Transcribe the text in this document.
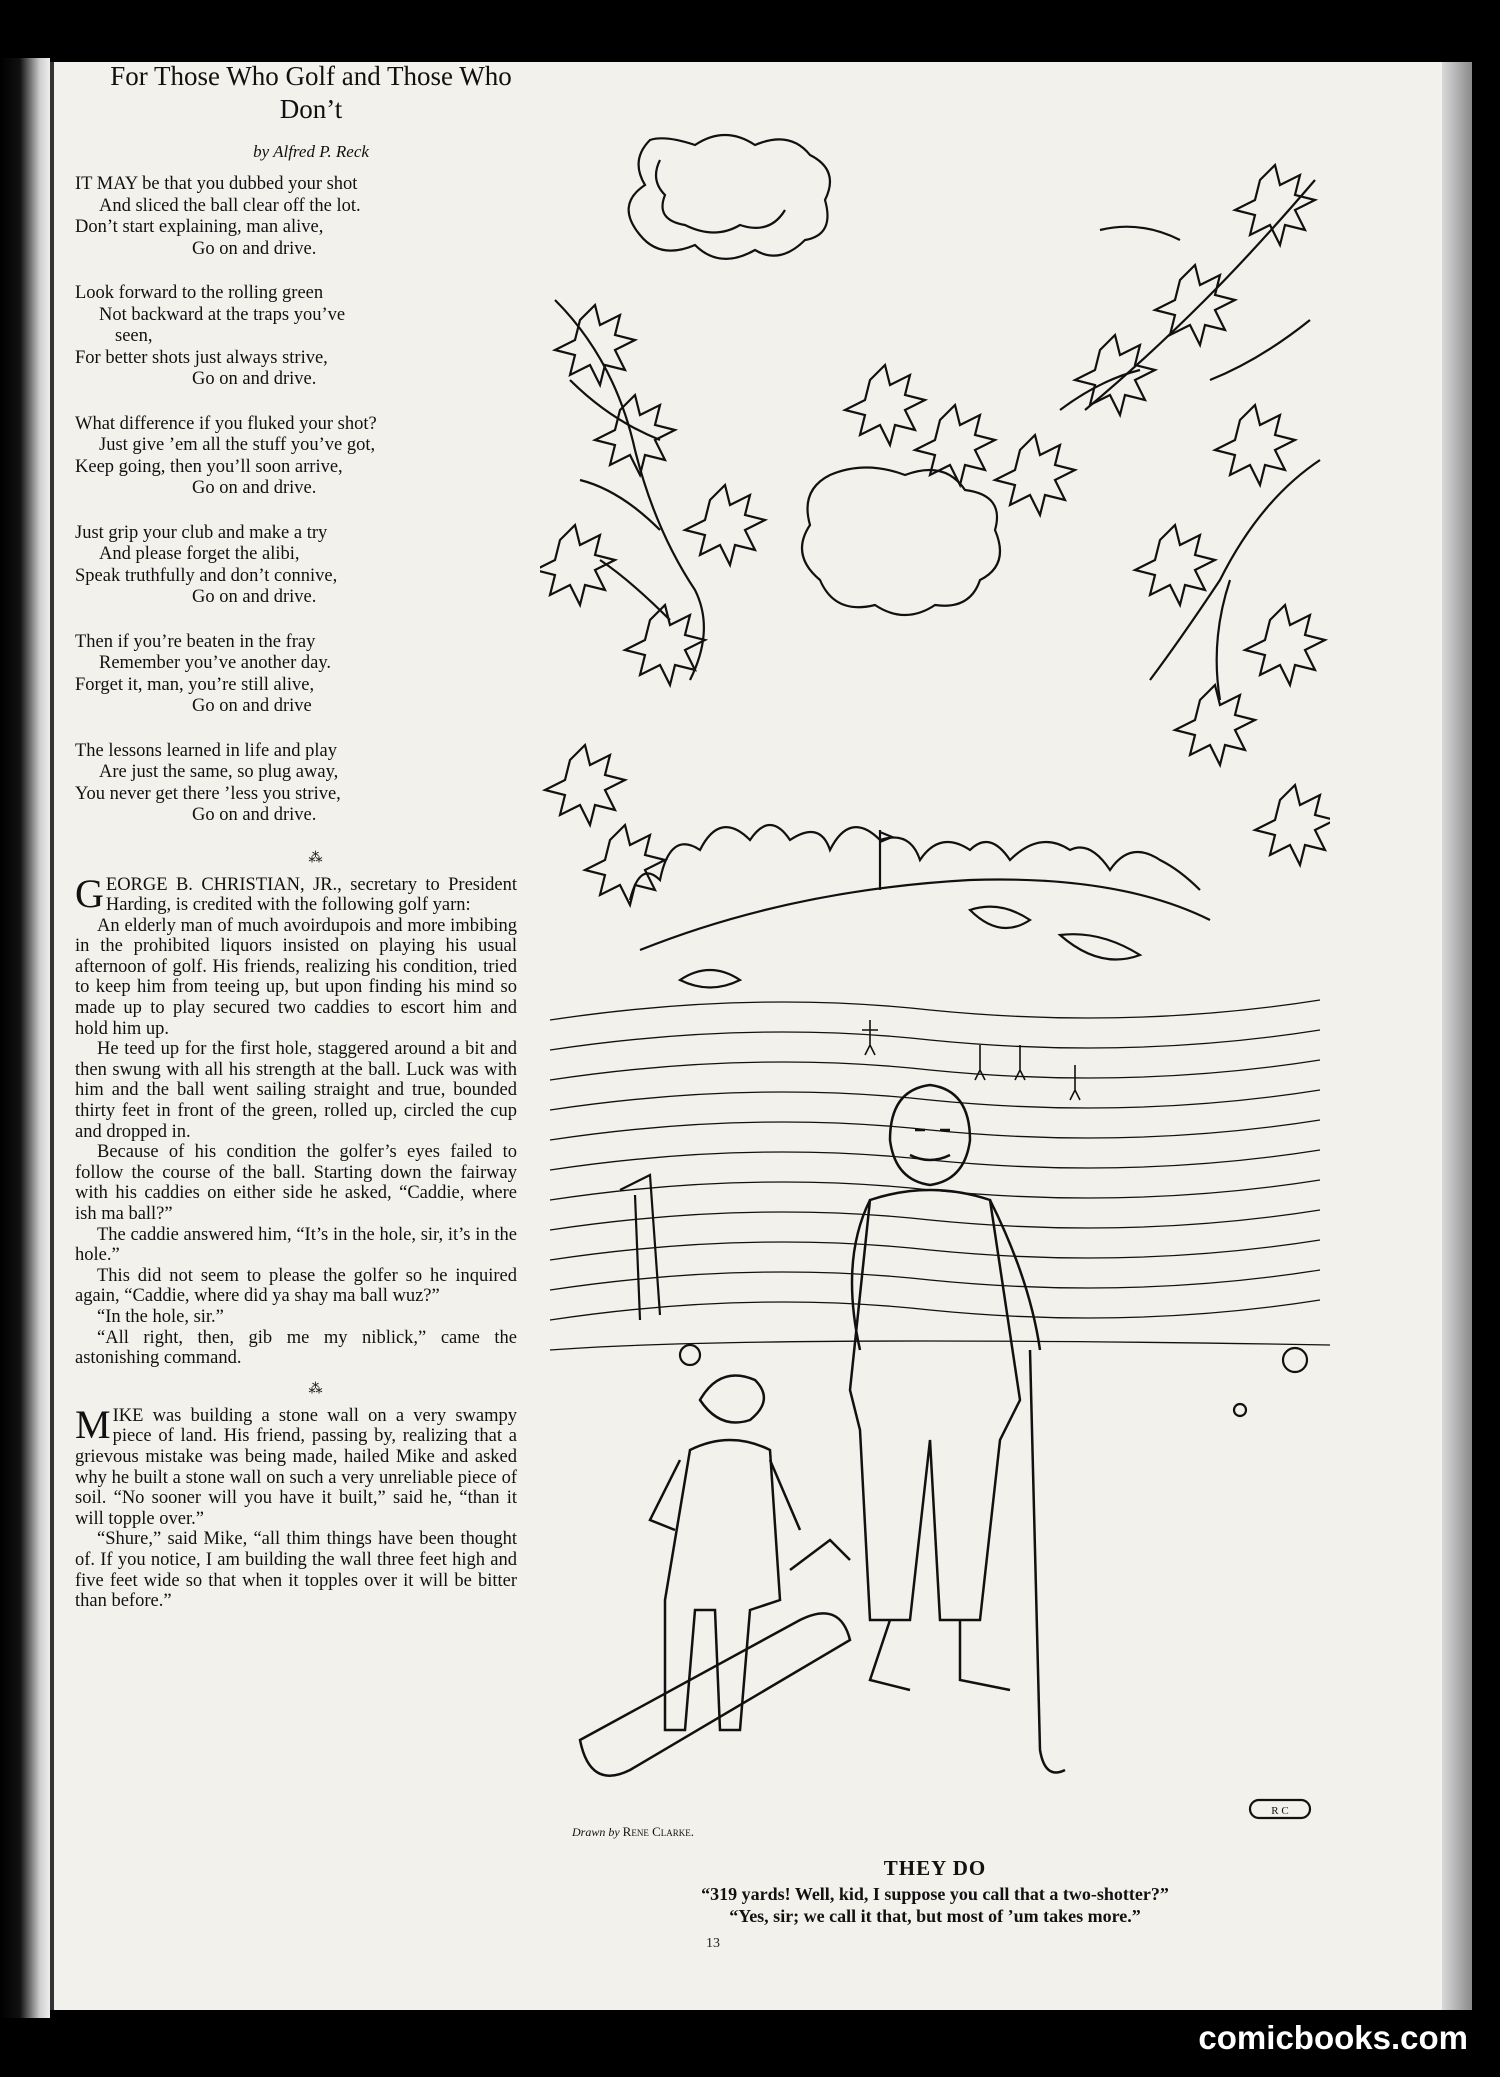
For Those Who Golf and Those Who Don’t
by Alfred P. Reck
IT MAY be that you dubbed your shot
And sliced the ball clear off the lot.
Don’t start explaining, man alive,
Go on and drive.
Look forward to the rolling green
Not backward at the traps you’ve
seen,
For better shots just always strive,
Go on and drive.
What difference if you fluked your shot?
Just give ’em all the stuff you’ve got,
Keep going, then you’ll soon arrive,
Go on and drive.
Just grip your club and make a try
And please forget the alibi,
Speak truthfully and don’t connive,
Go on and drive.
Then if you’re beaten in the fray
Remember you’ve another day.
Forget it, man, you’re still alive,
Go on and drive
The lessons learned in life and play
Are just the same, so plug away,
You never get there ’less you strive,
Go on and drive.
⁂

GEORGE B. CHRISTIAN, JR., secretary to President Harding, is credited with the following golf yarn:

An elderly man of much avoirdupois and more imbibing in the prohibited liquors insisted on playing his usual afternoon of golf. His friends, realizing his condition, tried to keep him from teeing up, but upon finding his mind so made up to play secured two caddies to escort him and hold him up.

He teed up for the first hole, staggered around a bit and then swung with all his strength at the ball. Luck was with him and the ball went sailing straight and true, bounded thirty feet in front of the green, rolled up, circled the cup and dropped in.

Because of his condition the golfer’s eyes failed to follow the course of the ball. Starting down the fairway with his caddies on either side he asked, “Caddie, where ish ma ball?”

The caddie answered him, “It’s in the hole, sir, it’s in the hole.”

This did not seem to please the golfer so he inquired again, “Caddie, where did ya shay ma ball wuz?”

“In the hole, sir.”

“All right, then, gib me my niblick,” came the astonishing command.

⁂

MIKE was building a stone wall on a very swampy piece of land. His friend, passing by, realizing that a grievous mistake was being made, hailed Mike and asked why he built a stone wall on such a very unreliable piece of soil. “No sooner will you have it built,” said he, “than it will topple over.”

“Shure,” said Mike, “all thim things have been thought of. If you notice, I am building the wall three feet high and five feet wide so that when it topples over it will be bitter than before.”

R C
Drawn by Rene Clarke.
THEY DO
“319 yards! Well, kid, I suppose you call that a two-shotter?”
“Yes, sir; we call it that, but most of ’um takes more.”
13
comicbooks.com
